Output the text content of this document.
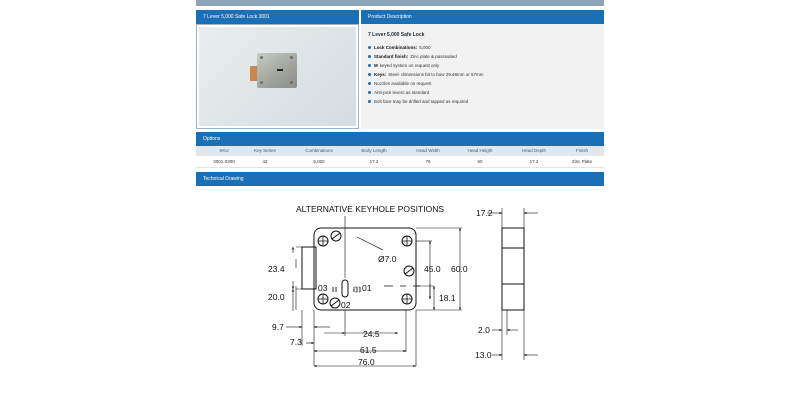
7 Lever 5,000 Safe Lock 3001	Product Description
7 Lever 5,000 Safe Lock
Lock Combinations: 5,000
Standard finish: Zinc plate & passivated
M keyed system on request only
Keys: Steel- dimensions bit to bow 29.48mm or 57mm
Nozzles available on request
Anti-pick levers as standard
Bolt face may be drilled and tapped as required
Options
SKU	Key Series	Combinations	Body Length	Head Width	Head Height	Head Depth	Finish
3001-0300	42	5,000	17.2	76	60	17.2	Zinc Plate
Technical Drawing
ALTERNATIVE KEYHOLE POSITIONS
Ø7.0
03	01
02
23.4
20.0
9.7
7.3
24.5
61.5
76.0
45.0 60.0
18.1
17.2
2.0
13.0
